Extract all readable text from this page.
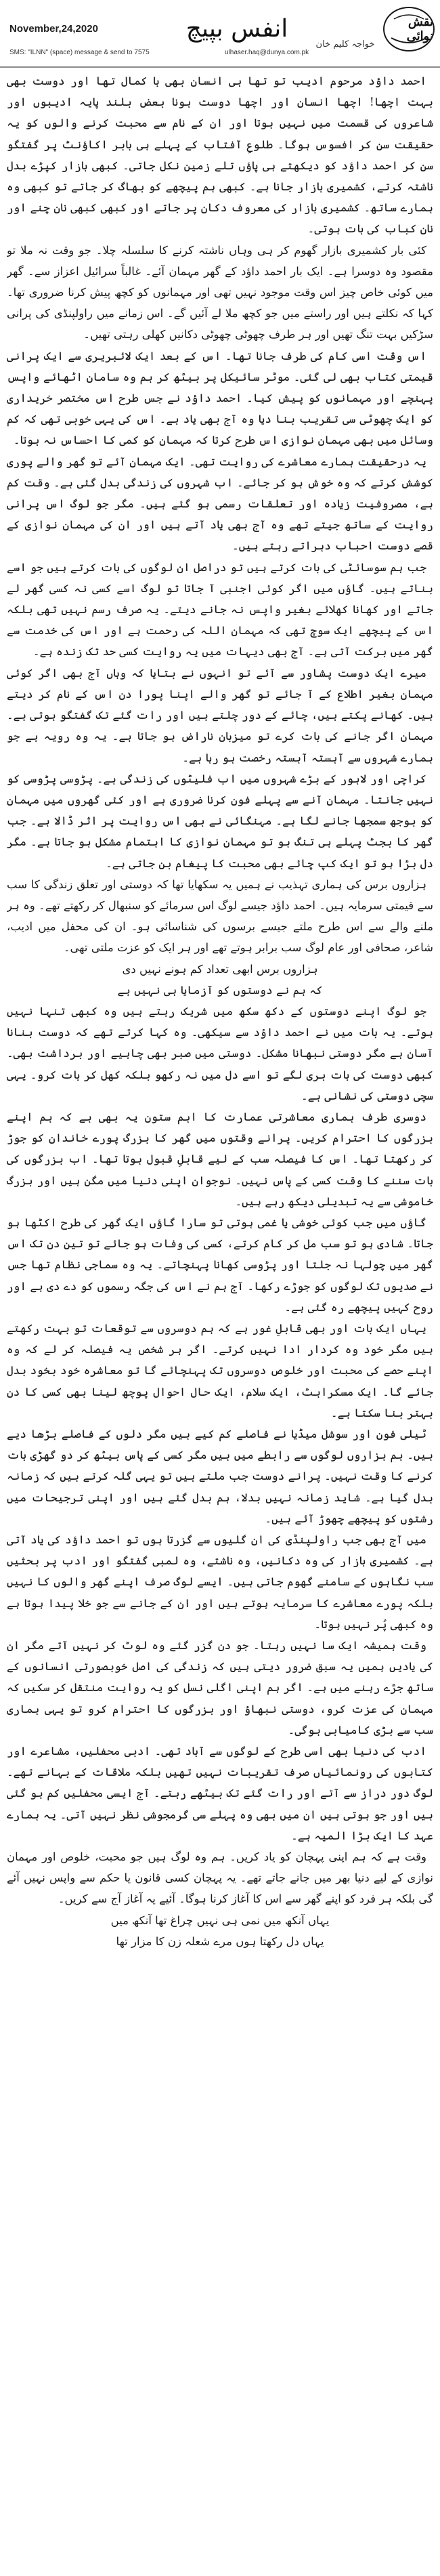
نقش نوائی
انفس بپیچ
خواجہ کلیم خان
November,24,2020
SMS: "ILNN" (space) message & send to 7575	ulhaser.haq@dunya.com.pk

احمد داؤد مرحوم ادیب تو تھا ہی انسان بھی با کمال تھا اور دوست بھی بہت اچھا! اچھا انسان اور اچھا دوست ہونا بعض بلند پایہ ادیبوں اور شاعروں کی قسمت میں نہیں ہوتا اور ان کے نام سے محبت کرنے والوں کو یہ حقیقت سن کر افسوس ہوگا۔ طلوعِ آفتاب کے پہلے ہی بابر اکاؤنٹ پر گفتگو سن کر احمد داؤد کو دیکھتے ہی پاؤں تلے زمین نکل جاتی۔ کبھی بازار کپڑے بدل ناشتہ کرتے، کشمیری بازار جانا ہے۔ کبھی ہم پیچھے کو بھاگ کر جاتے تو کبھی وہ ہمارے ساتھ۔ کشمیری بازار کی معروف دکان پر جاتے اور کبھی کبھی نان چنے اور نان کباب کی بات ہوتی۔

کئی بار کشمیری بازار گھوم کر ہی وہاں ناشتہ کرنے کا سلسلہ چلا۔ جو وقت نہ ملا تو مقصود وہ دوسرا ہے۔ ایک بار احمد داؤد کے گھر مہمان آئے۔ غالباً سرائیل اعزاز سے۔ گھر میں کوئی خاص چیز اس وقت موجود نہیں تھی اور مہمانوں کو کچھ پیش کرنا ضروری تھا۔ کہا کہ نکلتے ہیں اور راستے میں جو کچھ ملا لے آئیں گے۔ اس زمانے میں راولپنڈی کی پرانی سڑکیں بہت تنگ تھیں اور ہر طرف چھوٹی چھوٹی دکانیں کھلی رہتی تھیں۔

اس وقت اسی کام کی طرف جانا تھا۔ اس کے بعد ایک لائبریری سے ایک پرانی قیمتی کتاب بھی لی گئی۔ موٹر سائیکل پر بیٹھ کر ہم وہ سامان اٹھائے واپس پہنچے اور مہمانوں کو پیش کیا۔ احمد داؤد نے جس طرح اس مختصر خریداری کو ایک چھوٹی سی تقریب بنا دیا وہ آج بھی یاد ہے۔ اس کی یہی خوبی تھی کہ کم وسائل میں بھی مہمان نوازی اس طرح کرتا کہ مہمان کو کمی کا احساس نہ ہوتا۔

یہ درحقیقت ہمارے معاشرے کی روایت تھی۔ ایک مہمان آئے تو گھر والے پوری کوشش کرتے کہ وہ خوش ہو کر جائے۔ اب شہروں کی زندگی بدل گئی ہے۔ وقت کم ہے، مصروفیت زیادہ اور تعلقات رسمی ہو گئے ہیں۔ مگر جو لوگ اس پرانی روایت کے ساتھ جیتے تھے وہ آج بھی یاد آتے ہیں اور ان کی مہمان نوازی کے قصے دوست احباب دہراتے رہتے ہیں۔

جب ہم سوسائٹی کی بات کرتے ہیں تو دراصل ان لوگوں کی بات کرتے ہیں جو اسے بناتے ہیں۔ گاؤں میں اگر کوئی اجنبی آ جاتا تو لوگ اسے کسی نہ کسی گھر لے جاتے اور کھانا کھلائے بغیر واپس نہ جانے دیتے۔ یہ صرف رسم نہیں تھی بلکہ اس کے پیچھے ایک سوچ تھی کہ مہمان اللہ کی رحمت ہے اور اس کی خدمت سے گھر میں برکت آتی ہے۔ آج بھی دیہات میں یہ روایت کسی حد تک زندہ ہے۔

میرے ایک دوست پشاور سے آئے تو انہوں نے بتایا کہ وہاں آج بھی اگر کوئی مہمان بغیر اطلاع کے آ جائے تو گھر والے اپنا پورا دن اس کے نام کر دیتے ہیں۔ کھانے پکتے ہیں، چائے کے دور چلتے ہیں اور رات گئے تک گفتگو ہوتی ہے۔ مہمان اگر جانے کی بات کرے تو میزبان ناراض ہو جاتا ہے۔ یہ وہ رویہ ہے جو ہمارے شہروں سے آہستہ آہستہ رخصت ہو رہا ہے۔

کراچی اور لاہور کے بڑے شہروں میں اب فلیٹوں کی زندگی ہے۔ پڑوسی پڑوسی کو نہیں جانتا۔ مہمان آنے سے پہلے فون کرنا ضروری ہے اور کئی گھروں میں مہمان کو بوجھ سمجھا جانے لگا ہے۔ مہنگائی نے بھی اس روایت پر اثر ڈالا ہے۔ جب گھر کا بجٹ پہلے ہی تنگ ہو تو مہمان نوازی کا اہتمام مشکل ہو جاتا ہے۔ مگر دل بڑا ہو تو ایک کپ چائے بھی محبت کا پیغام بن جاتی ہے۔

ہزاروں برس کی ہماری تہذیب نے ہمیں یہ سکھایا تھا کہ دوستی اور تعلق زندگی کا سب سے قیمتی سرمایہ ہیں۔ احمد داؤد جیسے لوگ اس سرمائے کو سنبھال کر رکھتے تھے۔ وہ ہر ملنے والے سے اس طرح ملتے جیسے برسوں کی شناسائی ہو۔ ان کی محفل میں ادیب، شاعر، صحافی اور عام لوگ سب برابر ہوتے تھے اور ہر ایک کو عزت ملتی تھی۔

ہزاروں برس ابھی تعداد کم ہونے نہیں دی

کہ ہم نے دوستوں کو آزمایا ہی نہیں ہے

جو لوگ اپنے دوستوں کے دکھ سکھ میں شریک رہتے ہیں وہ کبھی تنہا نہیں ہوتے۔ یہ بات میں نے احمد داؤد سے سیکھی۔ وہ کہا کرتے تھے کہ دوست بنانا آسان ہے مگر دوستی نبھانا مشکل۔ دوستی میں صبر بھی چاہیے اور برداشت بھی۔ کبھی دوست کی بات بری لگے تو اسے دل میں نہ رکھو بلکہ کھل کر بات کرو۔ یہی سچی دوستی کی نشانی ہے۔

دوسری طرف ہماری معاشرتی عمارت کا اہم ستون یہ بھی ہے کہ ہم اپنے بزرگوں کا احترام کریں۔ پرانے وقتوں میں گھر کا بزرگ پورے خاندان کو جوڑ کر رکھتا تھا۔ اس کا فیصلہ سب کے لیے قابلِ قبول ہوتا تھا۔ اب بزرگوں کی بات سننے کا وقت کسی کے پاس نہیں۔ نوجوان اپنی دنیا میں مگن ہیں اور بزرگ خاموشی سے یہ تبدیلی دیکھ رہے ہیں۔

گاؤں میں جب کوئی خوشی یا غمی ہوتی تو سارا گاؤں ایک گھر کی طرح اکٹھا ہو جاتا۔ شادی ہو تو سب مل کر کام کرتے، کسی کی وفات ہو جائے تو تین دن تک اس گھر میں چولہا نہ جلتا اور پڑوسی کھانا پہنچاتے۔ یہ وہ سماجی نظام تھا جس نے صدیوں تک لوگوں کو جوڑے رکھا۔ آج ہم نے اس کی جگہ رسموں کو دے دی ہے اور روح کہیں پیچھے رہ گئی ہے۔

یہاں ایک بات اور بھی قابلِ غور ہے کہ ہم دوسروں سے توقعات تو بہت رکھتے ہیں مگر خود وہ کردار ادا نہیں کرتے۔ اگر ہر شخص یہ فیصلہ کر لے کہ وہ اپنے حصے کی محبت اور خلوص دوسروں تک پہنچائے گا تو معاشرہ خود بخود بدل جائے گا۔ ایک مسکراہٹ، ایک سلام، ایک حال احوال پوچھ لینا بھی کسی کا دن بہتر بنا سکتا ہے۔

ٹیلی فون اور سوشل میڈیا نے فاصلے کم کیے ہیں مگر دلوں کے فاصلے بڑھا دیے ہیں۔ ہم ہزاروں لوگوں سے رابطے میں ہیں مگر کسی کے پاس بیٹھ کر دو گھڑی بات کرنے کا وقت نہیں۔ پرانے دوست جب ملتے ہیں تو یہی گلہ کرتے ہیں کہ زمانہ بدل گیا ہے۔ شاید زمانہ نہیں بدلا، ہم بدل گئے ہیں اور اپنی ترجیحات میں رشتوں کو پیچھے چھوڑ آئے ہیں۔

میں آج بھی جب راولپنڈی کی ان گلیوں سے گزرتا ہوں تو احمد داؤد کی یاد آتی ہے۔ کشمیری بازار کی وہ دکانیں، وہ ناشتے، وہ لمبی گفتگو اور ادب پر بحثیں سب نگاہوں کے سامنے گھوم جاتی ہیں۔ ایسے لوگ صرف اپنے گھر والوں کا نہیں بلکہ پورے معاشرے کا سرمایہ ہوتے ہیں اور ان کے جانے سے جو خلا پیدا ہوتا ہے وہ کبھی پُر نہیں ہوتا۔

وقت ہمیشہ ایک سا نہیں رہتا۔ جو دن گزر گئے وہ لوٹ کر نہیں آتے مگر ان کی یادیں ہمیں یہ سبق ضرور دیتی ہیں کہ زندگی کی اصل خوبصورتی انسانوں کے ساتھ جڑے رہنے میں ہے۔ اگر ہم اپنی اگلی نسل کو یہ روایت منتقل کر سکیں کہ مہمان کی عزت کرو، دوستی نبھاؤ اور بزرگوں کا احترام کرو تو یہی ہماری سب سے بڑی کامیابی ہوگی۔

ادب کی دنیا بھی اسی طرح کے لوگوں سے آباد تھی۔ ادبی محفلیں، مشاعرے اور کتابوں کی رونمائیاں صرف تقریبات نہیں تھیں بلکہ ملاقات کے بہانے تھے۔ لوگ دور دراز سے آتے اور رات گئے تک بیٹھے رہتے۔ آج ایسی محفلیں کم ہو گئی ہیں اور جو ہوتی ہیں ان میں بھی وہ پہلے سی گرمجوشی نظر نہیں آتی۔ یہ ہمارے عہد کا ایک بڑا المیہ ہے۔

وقت ہے کہ ہم اپنی پہچان کو یاد کریں۔ ہم وہ لوگ ہیں جو محبت، خلوص اور مہمان نوازی کے لیے دنیا بھر میں جانے جاتے تھے۔ یہ پہچان کسی قانون یا حکم سے واپس نہیں آئے گی بلکہ ہر فرد کو اپنے گھر سے اس کا آغاز کرنا ہوگا۔ آئیے یہ آغاز آج سے کریں۔

یہاں آنکھ میں نمی ہی نہیں چراغ تھا آنکھ میں

یہاں دل رکھتا ہوں مرے شعلہ زن کا مزار تھا
